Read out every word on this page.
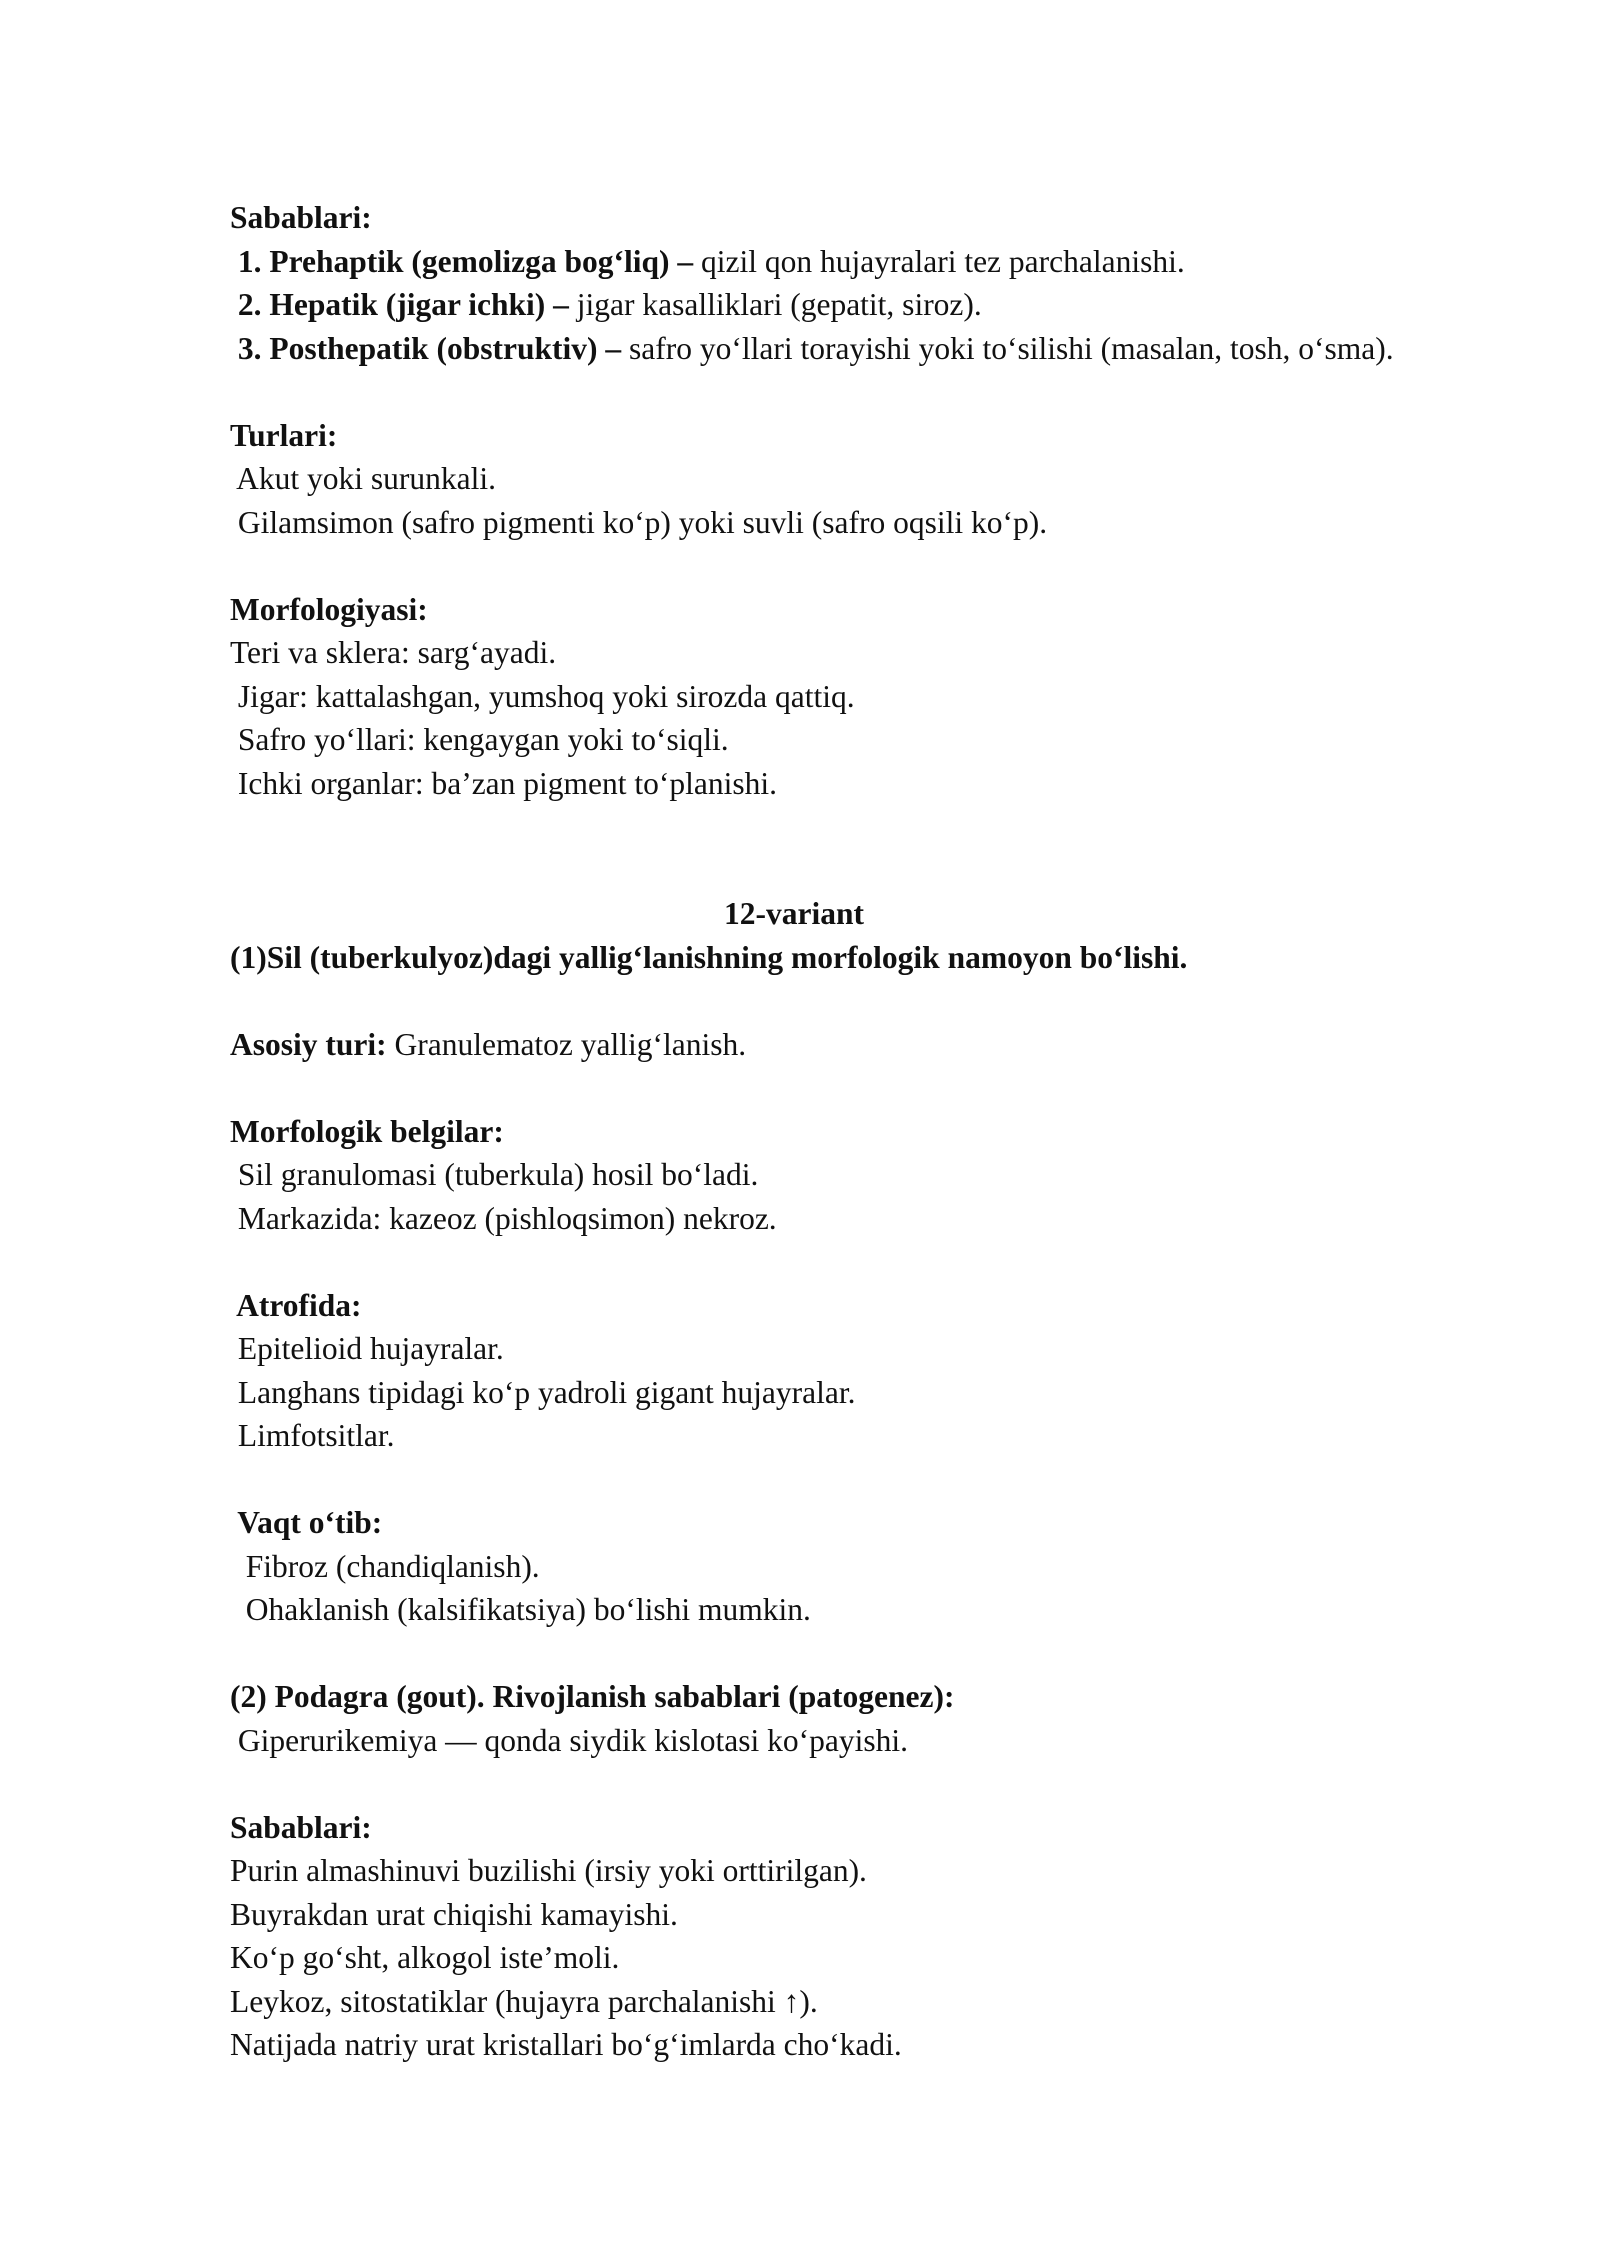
Sabablari:
1. Prehaptik (gemolizga bog‘liq) – qizil qon hujayralari tez parchalanishi.
2. Hepatik (jigar ichki) – jigar kasalliklari (gepatit, siroz).
3. Posthepatik (obstruktiv) – safro yo‘llari torayishi yoki to‘silishi (masalan, tosh, o‘sma).
Turlari:
Akut yoki surunkali.
Gilamsimon (safro pigmenti ko‘p) yoki suvli (safro oqsili ko‘p).
Morfologiyasi:
Teri va sklera: sarg‘ayadi.
Jigar: kattalashgan, yumshoq yoki sirozda qattiq.
Safro yo‘llari: kengaygan yoki to‘siqli.
Ichki organlar: ba’zan pigment to‘planishi.
12-variant
(1)Sil (tuberkulyoz)dagi yallig‘lanishning morfologik namoyon bo‘lishi.
Asosiy turi: Granulematoz yallig‘lanish.
Morfologik belgilar:
Sil granulomasi (tuberkula) hosil bo‘ladi.
Markazida: kazeoz (pishloqsimon) nekroz.
Atrofida:
Epitelioid hujayralar.
Langhans tipidagi ko‘p yadroli gigant hujayralar.
Limfotsitlar.
Vaqt o‘tib:
Fibroz (chandiqlanish).
Ohaklanish (kalsifikatsiya) bo‘lishi mumkin.
(2) Podagra (gout). Rivojlanish sabablari (patogenez):
Giperurikemiya — qonda siydik kislotasi ko‘payishi.
Sabablari:
Purin almashinuvi buzilishi (irsiy yoki orttirilgan).
Buyrakdan urat chiqishi kamayishi.
Ko‘p go‘sht, alkogol iste’moli.
Leykoz, sitostatiklar (hujayra parchalanishi ↑).
Natijada natriy urat kristallari bo‘g‘imlarda cho‘kadi.
